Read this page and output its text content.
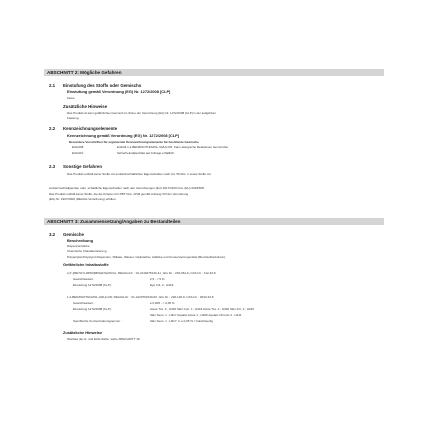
ABSCHNITT 2: Mögliche Gefahren
2.1 Einstufung des Stoffs oder Gemischs
Einstufung gemäß Verordnung (EG) Nr. 1272/2008 [CLP]
Keine
Zusätzliche Hinweise
Das Produkt ist kein gefährliches Gemisch im Sinne der Verordnung (EG) Nr. 1272/2008 [CLP] in der lediglichen
Fassung.
2.2 Kennzeichnungselemente
Kennzeichnung gemäß Verordnung (EG) Nr. 1272/2008 [CLP]
Besondere Vorschriften für ergänzende Kennzeichnungselemente für bestimmte Gemische
EUH208	Enthält 1,2-BENZISOTHIAZOL-3(2H)-ON. Kann allergische Reaktionen hervorrufen.
EUH210	Sicherheitsdatenblatt auf Anfrage erhältlich.
2.3 Sonstige Gefahren
Das Produkt enthält keine Stoffe mit endokrinschädlichen Eigenschaften nach Art. 59 Abs. 1 sowie Stoffe mit
endokrinschädigenden oder -schädliche Eigenschaften nach den Verordnungen (EU) 2017/2100 bzw. (EU) 2018/605.
Das Produkt enthält keine Stoffe, die die Kriterien für PBT bzw. vPvB gemäß Anhang XIII der Verordnung
(EG) Nr. 1907/2006 (REACH-Verordnung) erfüllen.
ABSCHNITT 3: Zusammensetzung/Angaben zu Bestandteilen
3.2 Gemische
Beschreibung
Dispersionsfarbe
Chemische Charakterisierung
Polyacrylat-Polystyrol-Dispersion, Silikate, Wasser, Glykolether, Additive und Konservierungsmittel (Benzisothiazolinon).
Gefährliche Inhaltsstoffe
2,2'-[METHYLIMINO]BIS(ETHANOL); REACH-Nr. : 01-2119475134-41 ; EG-Nr. : 203-961-6; CAS-Nr. : 112-34-5
Gewichtsanteil :	2,5 - < 5 %
Einstufung 1272/2008 [CLP] :	Eye Irrit. 2 ; H319
1,2-BENZISOTHIAZOL-3(2H)-ON; REACH-Nr. : 01-2120761540-60 ; EG-Nr. : 220-120-9; CAS-Nr. : 2634-33-5
Gewichtsanteil :	≥ 0,005 - < 0,05 %
Einstufung 1272/2008 [CLP] :	Acute Tox. 2 ; H330 Skin Corr. 1 ; H318 Acute Tox. 4 ; H302 Skin Irrit. 2 ; H315
Skin Sens. 1 ; H317 Aquatic Acute 1 ; H400 Aquatic Chronic 2 ; H411
Spezifische Konzentrationsgrenzen :	Skin Sens. 1 ; H317: C ≥ 0,05 % = Gleichwertig
Zusätzliche Hinweise
Wortlaut der H- und EUH-Sätze: siehe ABSCHNITT 16.
